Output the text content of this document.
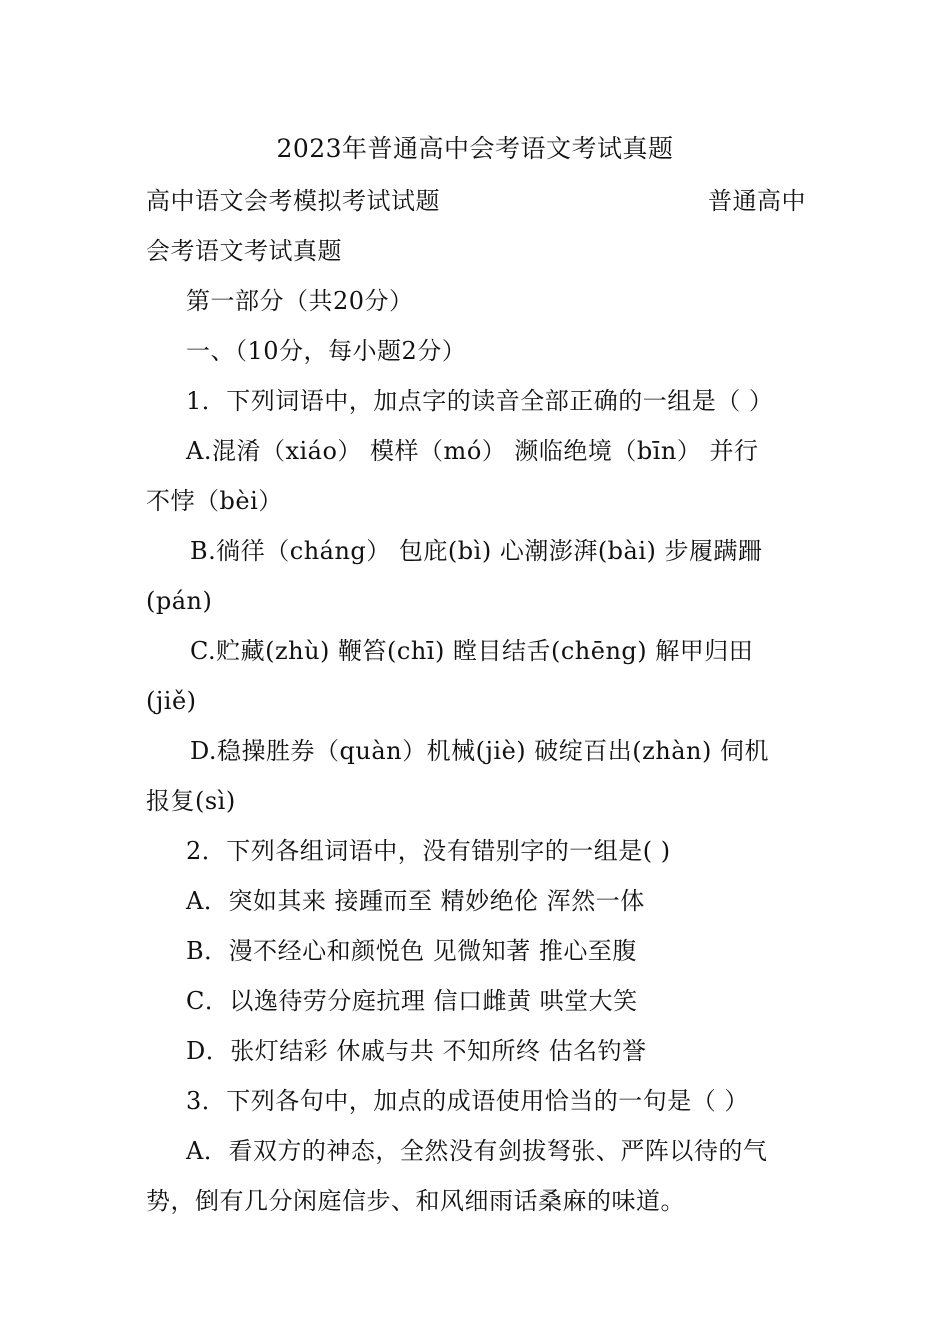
2023年普通高中会考语文考试真题
高中语文会考模拟考试试题	普通高中
会考语文考试真题
第一部分（共20分）
一、（10分，每小题2分）
1．下列词语中，加点字的读音全部正确的一组是（ ）
A.混淆（xiáo） 模样（mó） 濒临绝境（bīn） 并行
不悖（bèi）
B.徜徉（cháng） 包庇(bì) 心潮澎湃(bài) 步履蹒跚
(pán)
C.贮藏(zhù) 鞭笞(chī) 瞠目结舌(chēng) 解甲归田
(jiě)
D.稳操胜券（quàn）机械(jiè) 破绽百出(zhàn) 伺机
报复(sì)
2．下列各组词语中，没有错别字的一组是( )
A．突如其来 接踵而至 精妙绝伦 浑然一体
B．漫不经心和颜悦色 见微知著 推心至腹
C．以逸待劳分庭抗理 信口雌黄 哄堂大笑
D．张灯结彩 休戚与共 不知所终 估名钓誉
3．下列各句中，加点的成语使用恰当的一句是（ ）
A．看双方的神态，全然没有剑拔弩张、严阵以待的气
势，倒有几分闲庭信步、和风细雨话桑麻的味道。
